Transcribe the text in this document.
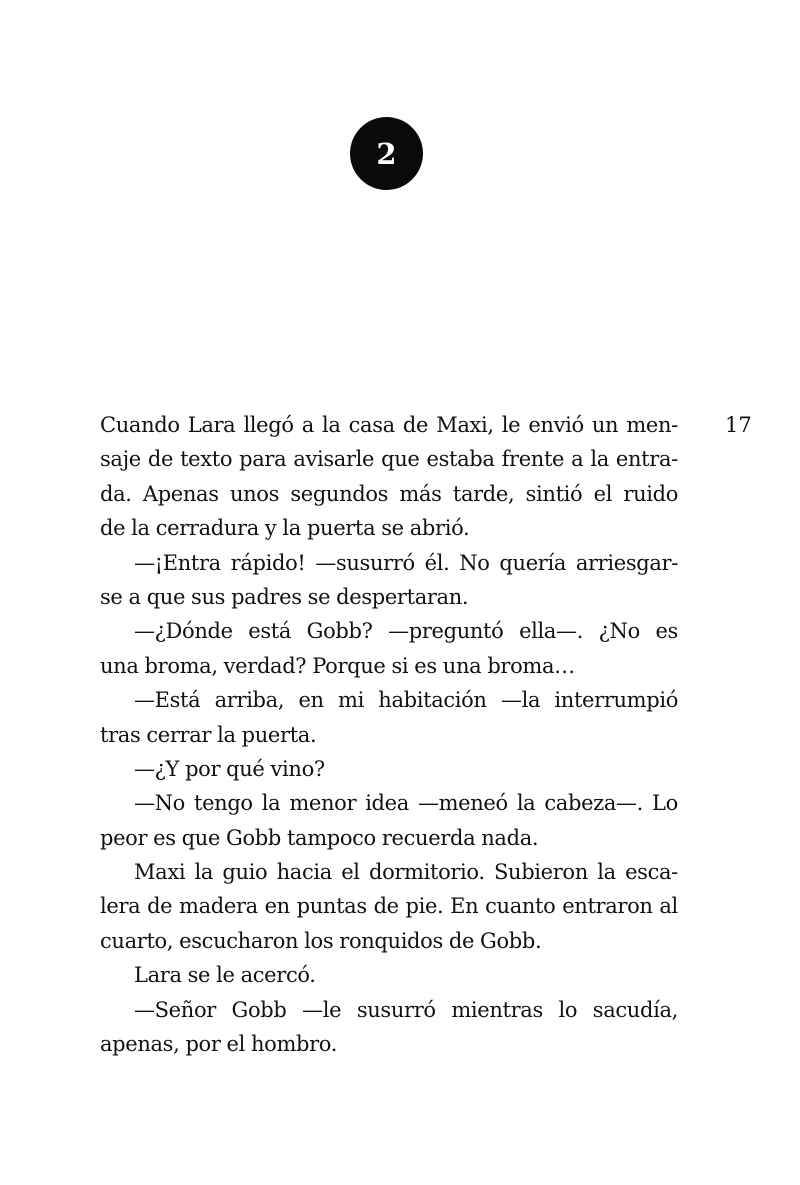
2
17
Cuando Lara llegó a la casa de Maxi, le envió un men-
saje de texto para avisarle que estaba frente a la entra-
da. Apenas unos segundos más tarde, sintió el ruido
de la cerradura y la puerta se abrió.
—¡Entra rápido! —susurró él. No quería arriesgar-
se a que sus padres se despertaran.
—¿Dónde está Gobb? —preguntó ella—. ¿No es
una broma, verdad? Porque si es una broma…
—Está arriba, en mi habitación —la interrumpió
tras cerrar la puerta.
—¿Y por qué vino?
—No tengo la menor idea —meneó la cabeza—. Lo
peor es que Gobb tampoco recuerda nada.
Maxi la guio hacia el dormitorio. Subieron la esca-
lera de madera en puntas de pie. En cuanto entraron al
cuarto, escucharon los ronquidos de Gobb.
Lara se le acercó.
—Señor Gobb —le susurró mientras lo sacudía,
apenas, por el hombro.
